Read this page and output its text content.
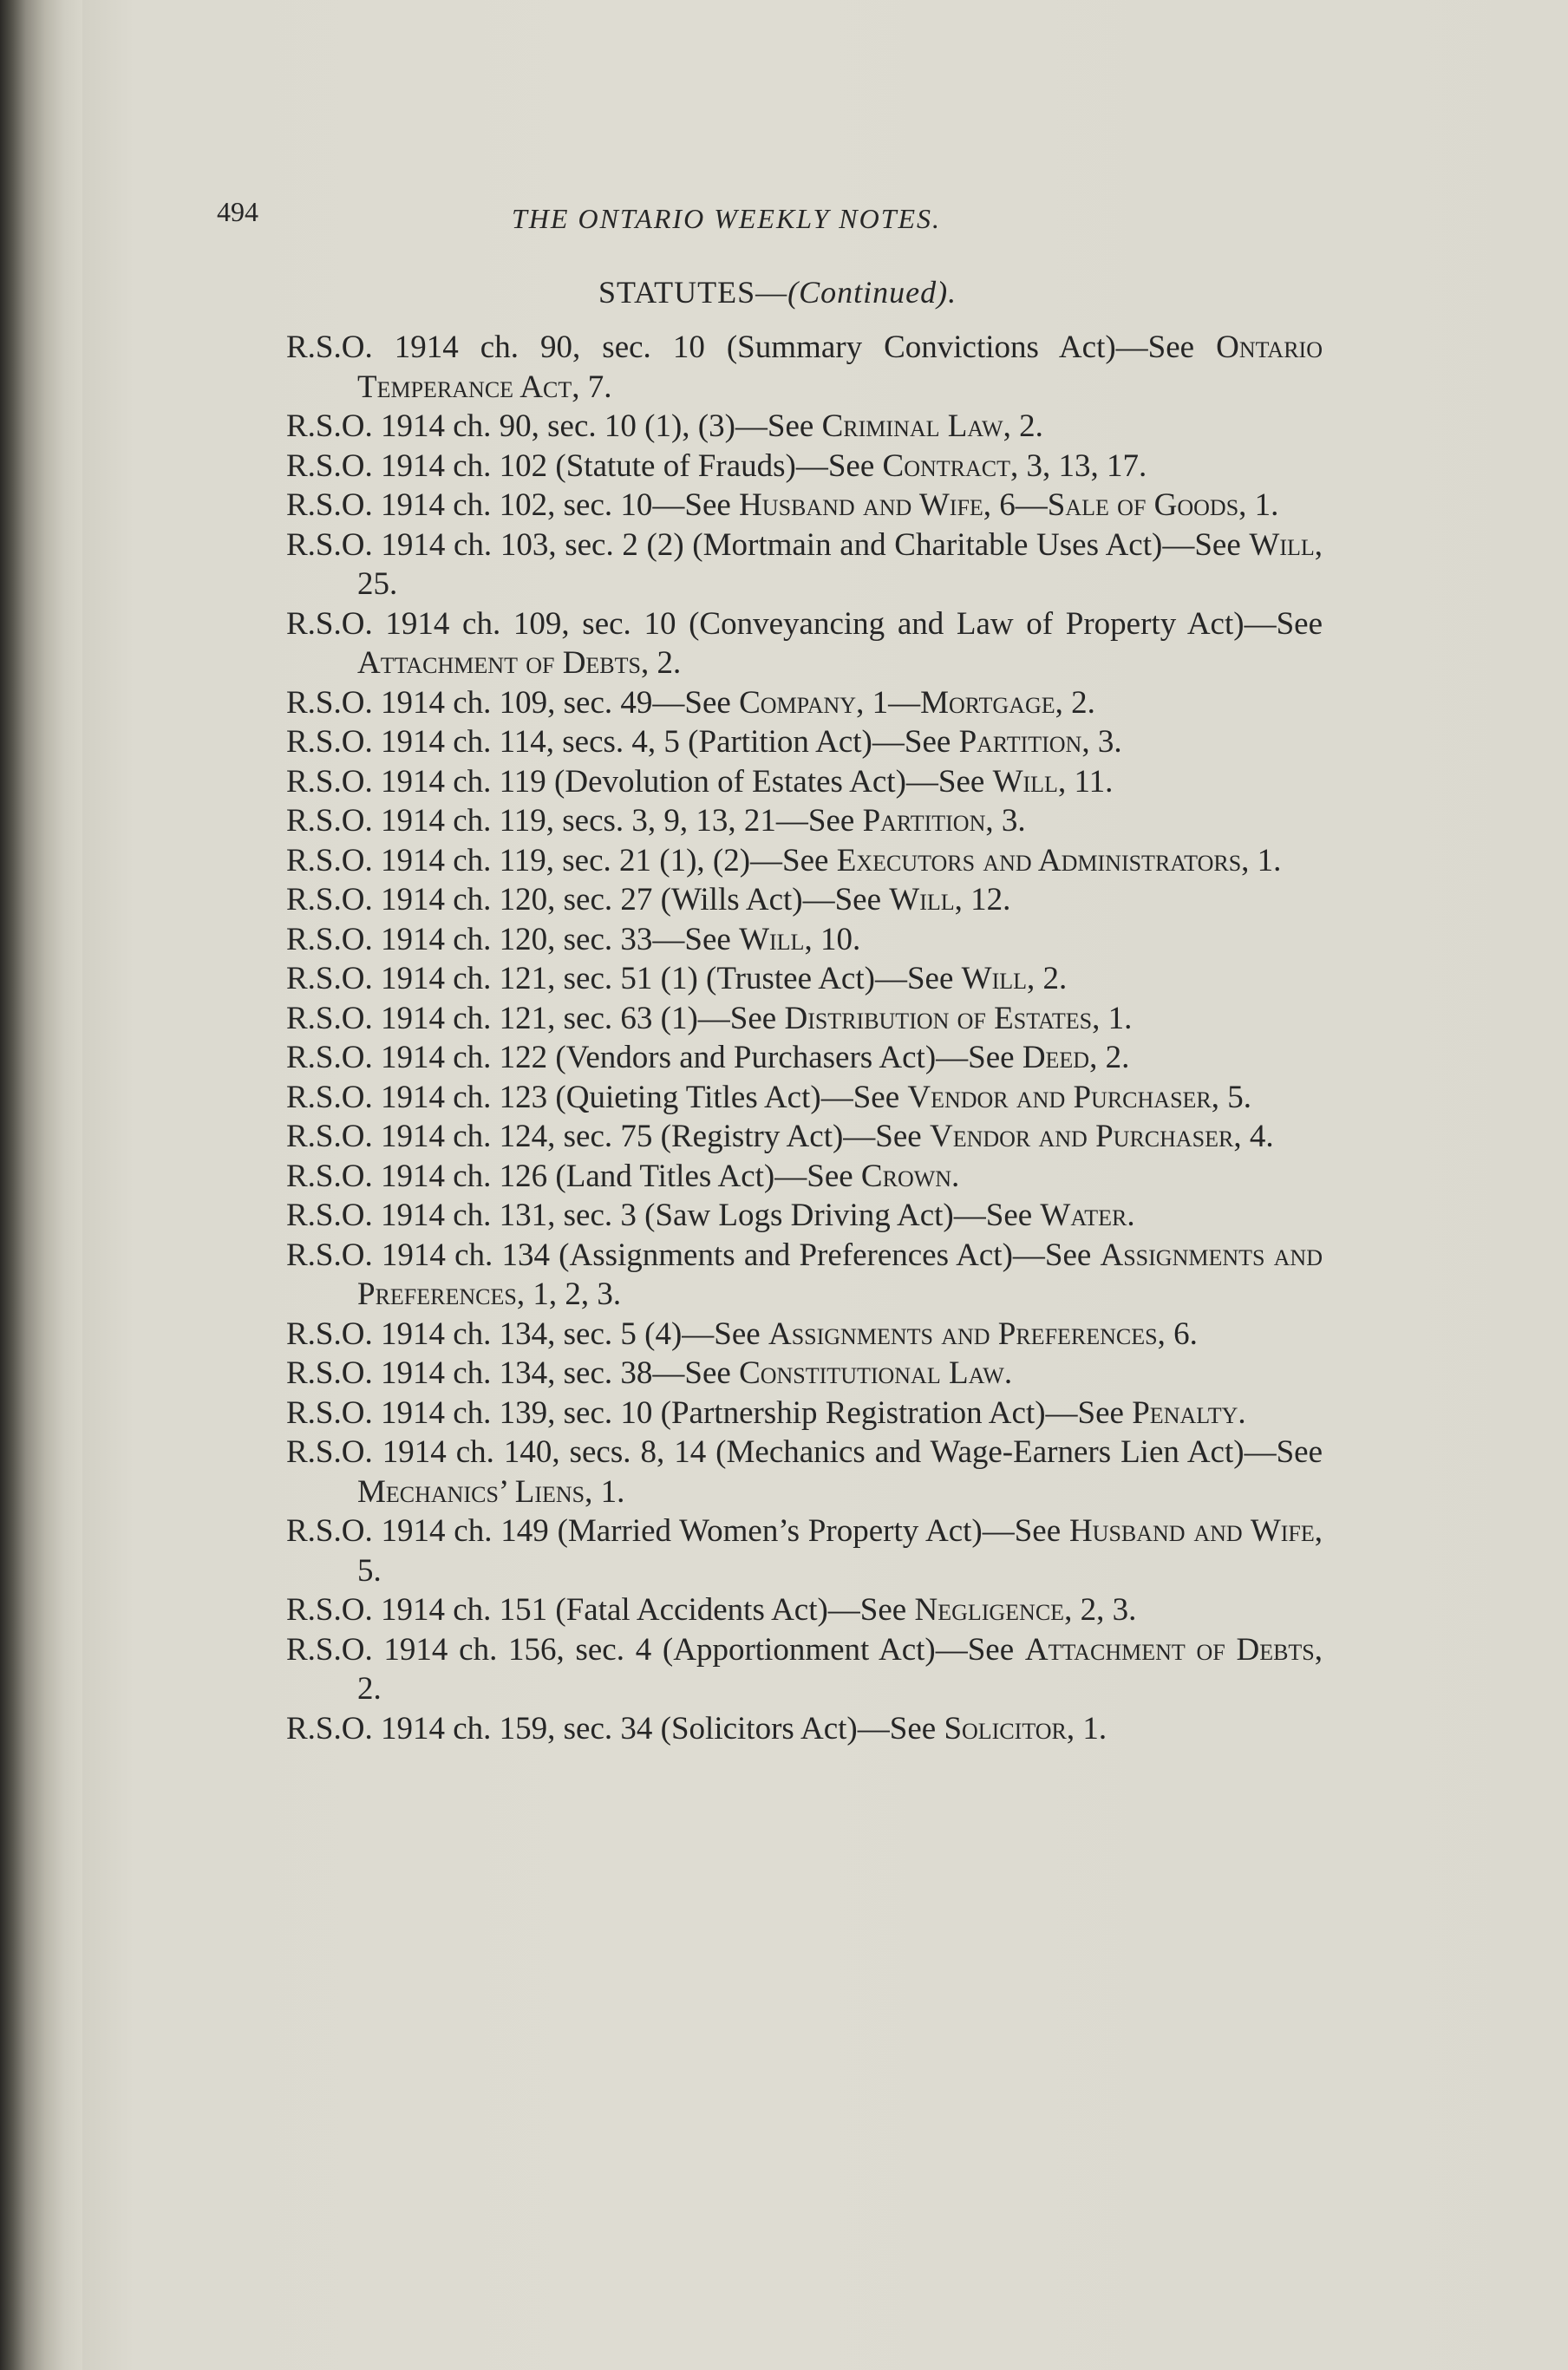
494	THE ONTARIO WEEKLY NOTES.
STATUTES—(Continued).
R.S.O. 1914 ch. 90, sec. 10 (Summary Convictions Act)—See Ontario Temperance Act, 7.
R.S.O. 1914 ch. 90, sec. 10 (1), (3)—See Criminal Law, 2.
R.S.O. 1914 ch. 102 (Statute of Frauds)—See Contract, 3, 13, 17.
R.S.O. 1914 ch. 102, sec. 10—See Husband and Wife, 6—Sale of Goods, 1.
R.S.O. 1914 ch. 103, sec. 2 (2) (Mortmain and Charitable Uses Act)—See Will, 25.
R.S.O. 1914 ch. 109, sec. 10 (Conveyancing and Law of Property Act)—See Attachment of Debts, 2.
R.S.O. 1914 ch. 109, sec. 49—See Company, 1—Mortgage, 2.
R.S.O. 1914 ch. 114, secs. 4, 5 (Partition Act)—See Partition, 3.
R.S.O. 1914 ch. 119 (Devolution of Estates Act)—See Will, 11.
R.S.O. 1914 ch. 119, secs. 3, 9, 13, 21—See Partition, 3.
R.S.O. 1914 ch. 119, sec. 21 (1), (2)—See Executors and Administrators, 1.
R.S.O. 1914 ch. 120, sec. 27 (Wills Act)—See Will, 12.
R.S.O. 1914 ch. 120, sec. 33—See Will, 10.
R.S.O. 1914 ch. 121, sec. 51 (1) (Trustee Act)—See Will, 2.
R.S.O. 1914 ch. 121, sec. 63 (1)—See Distribution of Estates, 1.
R.S.O. 1914 ch. 122 (Vendors and Purchasers Act)—See Deed, 2.
R.S.O. 1914 ch. 123 (Quieting Titles Act)—See Vendor and Purchaser, 5.
R.S.O. 1914 ch. 124, sec. 75 (Registry Act)—See Vendor and Purchaser, 4.
R.S.O. 1914 ch. 126 (Land Titles Act)—See Crown.
R.S.O. 1914 ch. 131, sec. 3 (Saw Logs Driving Act)—See Water.
R.S.O. 1914 ch. 134 (Assignments and Preferences Act)—See Assignments and Preferences, 1, 2, 3.
R.S.O. 1914 ch. 134, sec. 5 (4)—See Assignments and Preferences, 6.
R.S.O. 1914 ch. 134, sec. 38—See Constitutional Law.
R.S.O. 1914 ch. 139, sec. 10 (Partnership Registration Act)—See Penalty.
R.S.O. 1914 ch. 140, secs. 8, 14 (Mechanics and Wage-Earners Lien Act)—See Mechanics’ Liens, 1.
R.S.O. 1914 ch. 149 (Married Women’s Property Act)—See Husband and Wife, 5.
R.S.O. 1914 ch. 151 (Fatal Accidents Act)—See Negligence, 2, 3.
R.S.O. 1914 ch. 156, sec. 4 (Apportionment Act)—See Attachment of Debts, 2.
R.S.O. 1914 ch. 159, sec. 34 (Solicitors Act)—See Solicitor, 1.
